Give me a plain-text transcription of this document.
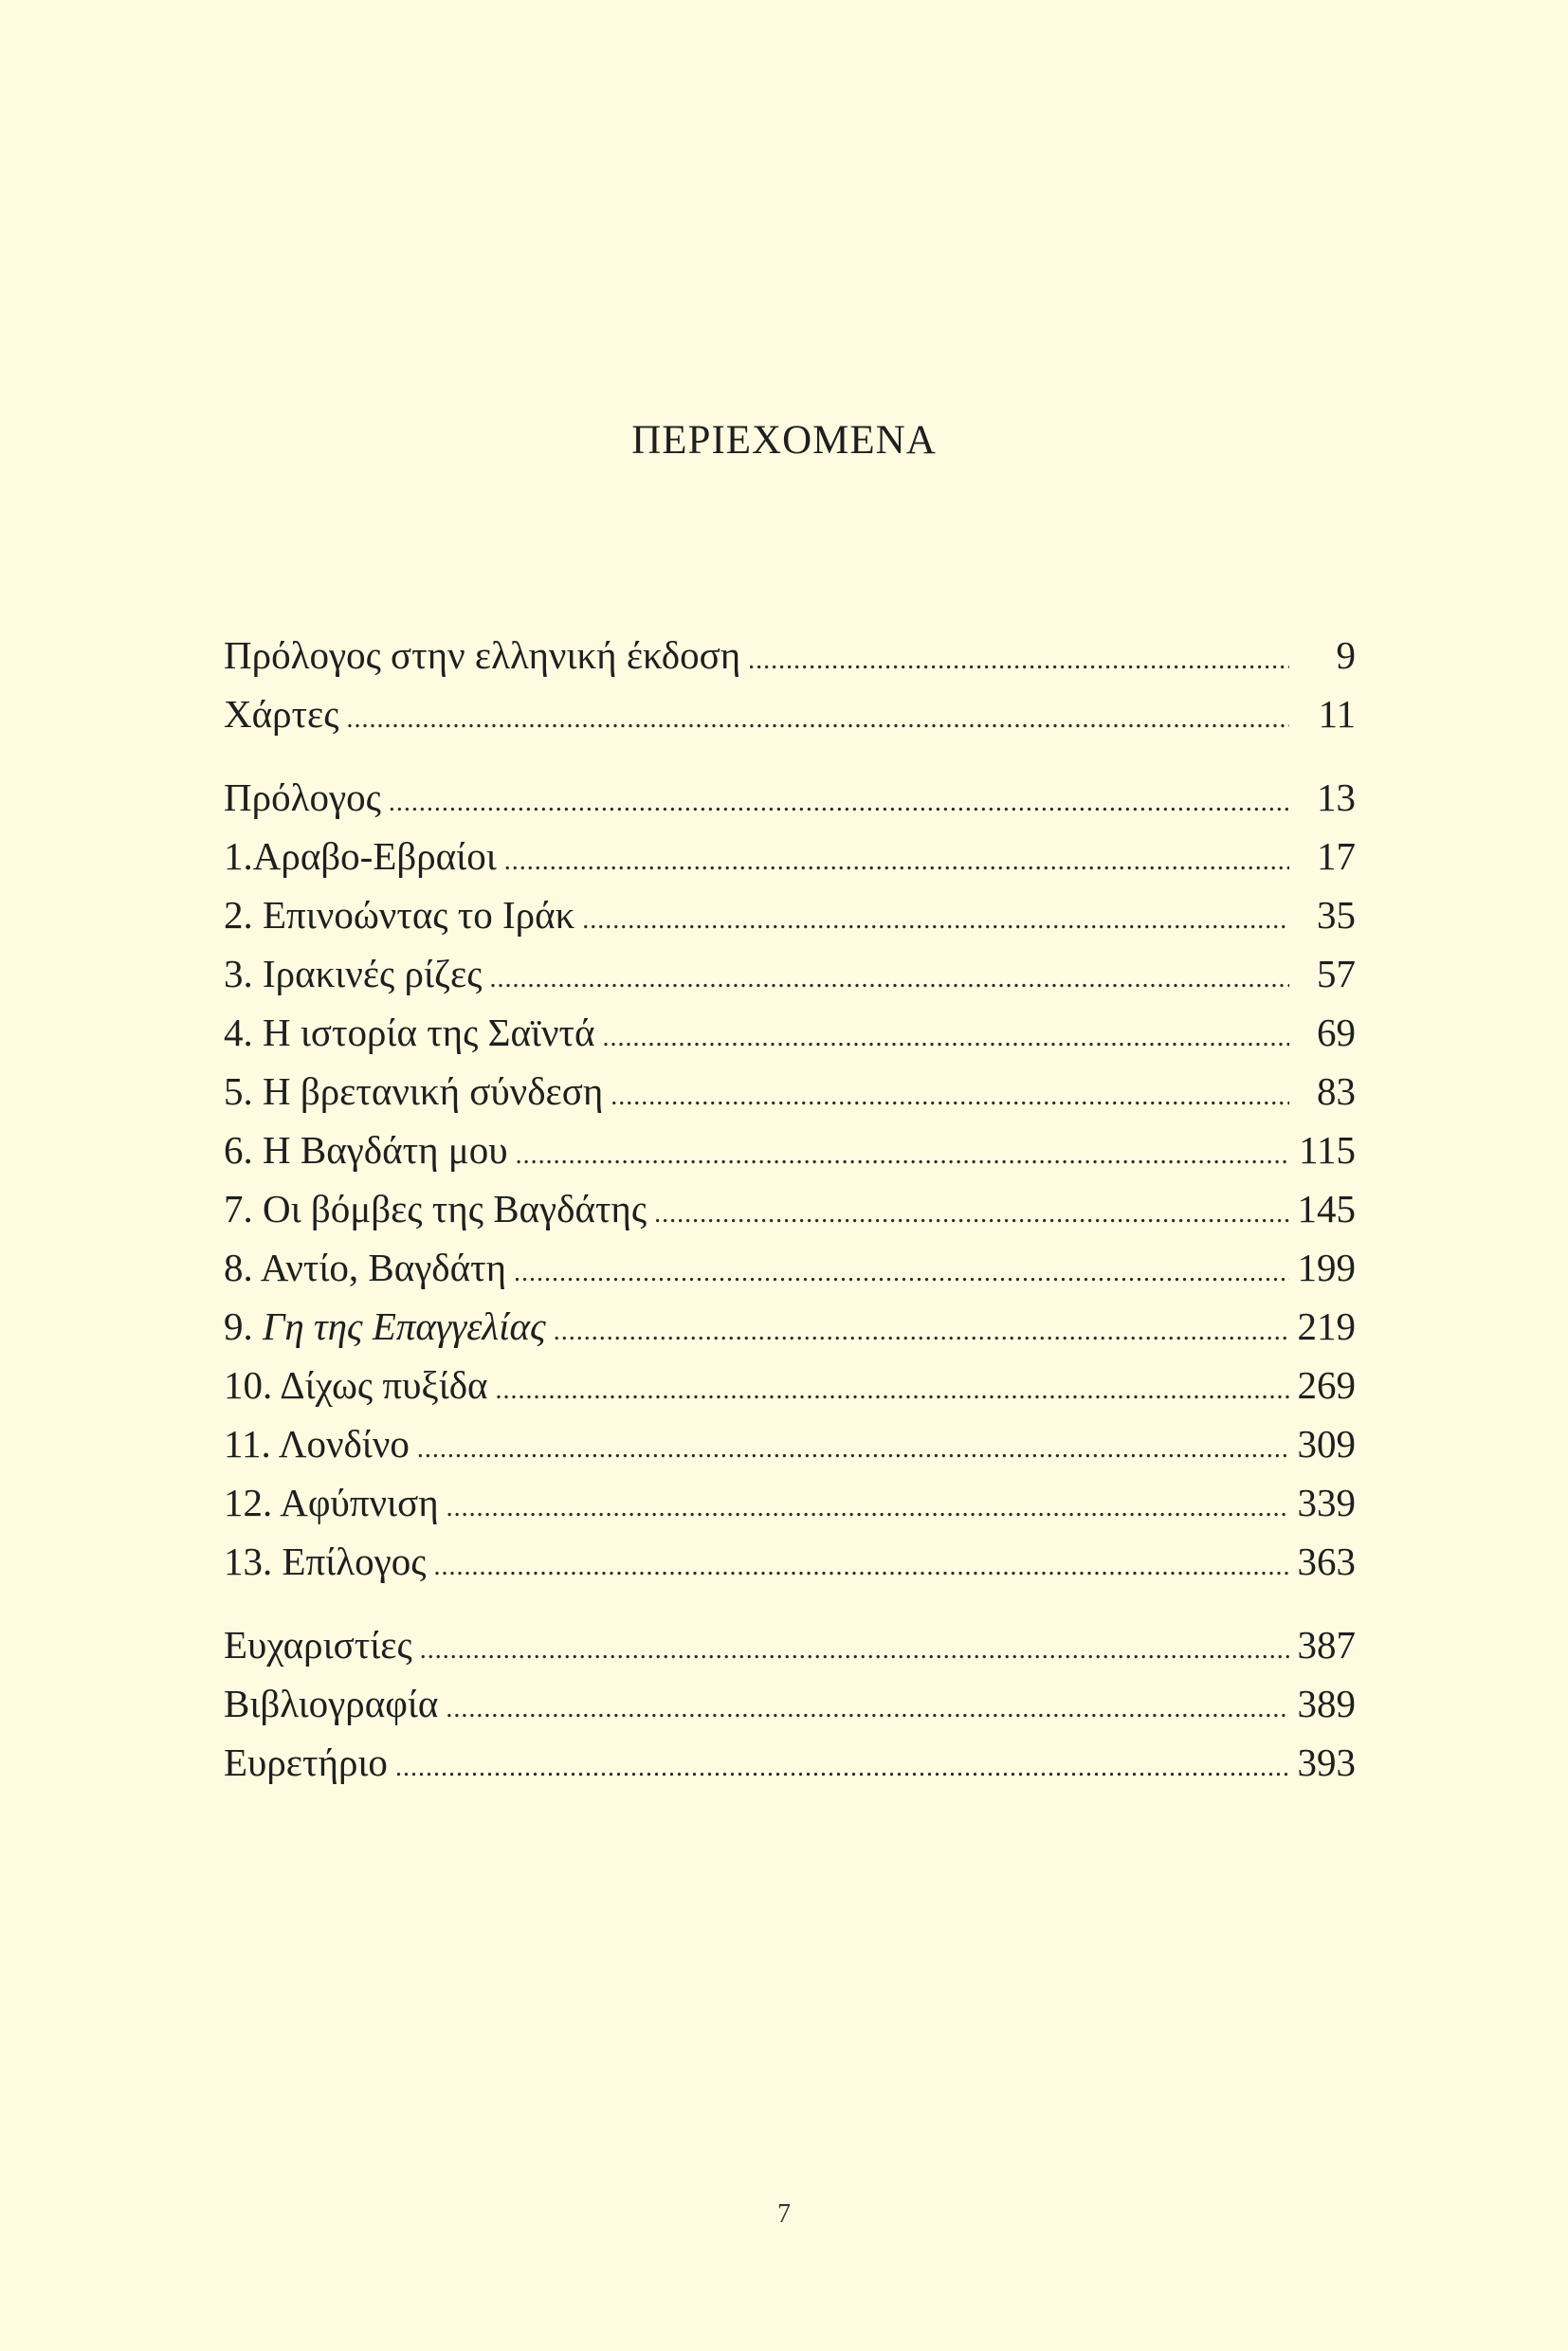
ΠΕΡΙΕΧΟΜΕΝΑ
Πρόλογος στην ελληνική έκδοση . . .	9
Χάρτες . . .	11
Πρόλογος . . .	13
1.Αραβο-Εβραίοι . . .	17
2. Επινοώντας το Ιράκ . . .	35
3. Ιρακινές ρίζες . . .	57
4. Η ιστορία της Σαϊντά . . .	69
5. Η βρετανική σύνδεση . . .	83
6. Η Βαγδάτη μου . . .	115
7. Οι βόμβες της Βαγδάτης . . .	145
8. Αντίο, Βαγδάτη . . .	199
9. Γη της Επαγγελίας . . .	219
10. Δίχως πυξίδα . . .	269
11. Λονδίνο . . .	309
12. Αφύπνιση . . .	339
13. Επίλογος . . .	363
Ευχαριστίες . . .	387
Βιβλιογραφία . . .	389
Ευρετήριο . . .	393
7
